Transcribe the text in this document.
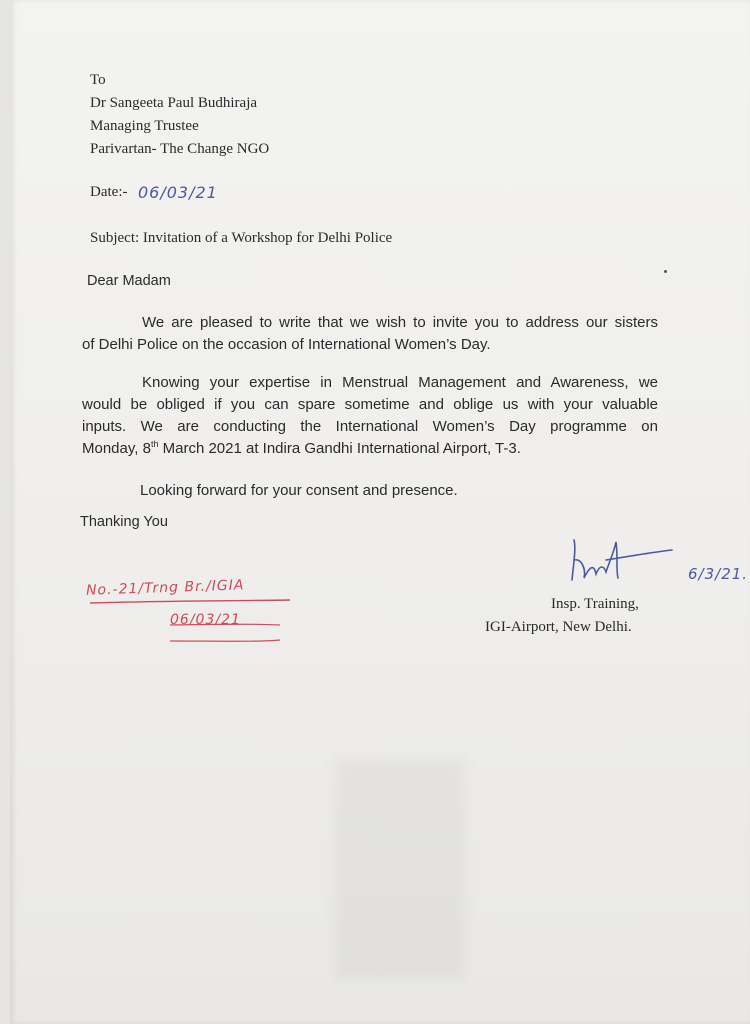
To
Dr Sangeeta Paul Budhiraja
Managing Trustee
Parivartan- The Change NGO
Date:- 06/03/21
Subject: Invitation of a Workshop for Delhi Police
Dear Madam
We are pleased to write that we wish to invite you to address our sisters
of Delhi Police on the occasion of International Women’s Day.
Knowing your expertise in Menstrual Management and Awareness, we
would be obliged if you can spare sometime and oblige us with your valuable
inputs. We are conducting the International Women’s Day programme on
Monday, 8th March 2021 at Indira Gandhi International Airport, T-3.
Looking forward for your consent and presence.
Thanking You
No.-21/Trng Br./IGIA
06/03/21
6/3/21.
Insp. Training,
IGI-Airport, New Delhi.
